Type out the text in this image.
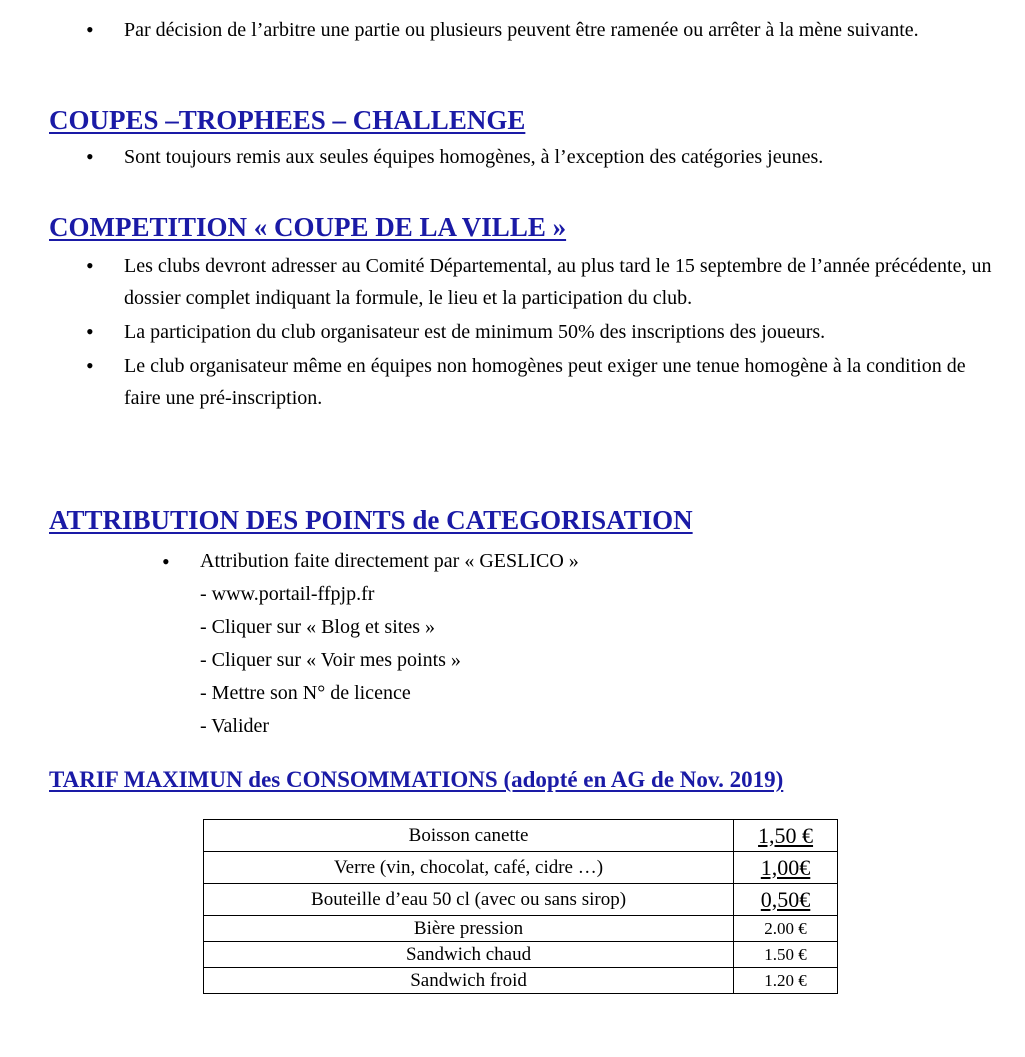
• Par décision de l’arbitre une partie ou plusieurs peuvent être ramenée ou arrêter à la mène suivante.
COUPES –TROPHEES – CHALLENGE
• Sont toujours remis aux seules équipes homogènes, à l’exception des catégories jeunes.
COMPETITION « COUPE DE LA VILLE »
• Les clubs devront adresser au Comité Départemental, au plus tard le 15 septembre de l’année précédente, un dossier complet indiquant la formule, le lieu et la participation du club.
• La participation du club organisateur est de minimum 50% des inscriptions des joueurs.
• Le club organisateur même en équipes non homogènes peut exiger une tenue homogène à la condition de faire une pré-inscription.
ATTRIBUTION DES POINTS de CATEGORISATION
• Attribution faite directement par « GESLICO »
- www.portail-ffpjp.fr
- Cliquer sur « Blog et sites »
- Cliquer sur « Voir mes points »
- Mettre son N° de licence
- Valider
TARIF MAXIMUN des CONSOMMATIONS (adopté en AG de Nov. 2019)
Boisson canette	1,50 €
Verre (vin, chocolat, café, cidre …)	1,00€
Bouteille d’eau 50 cl (avec ou sans sirop)	0,50€
Bière pression	2.00 €
Sandwich chaud	1.50 €
Sandwich froid	1.20 €
